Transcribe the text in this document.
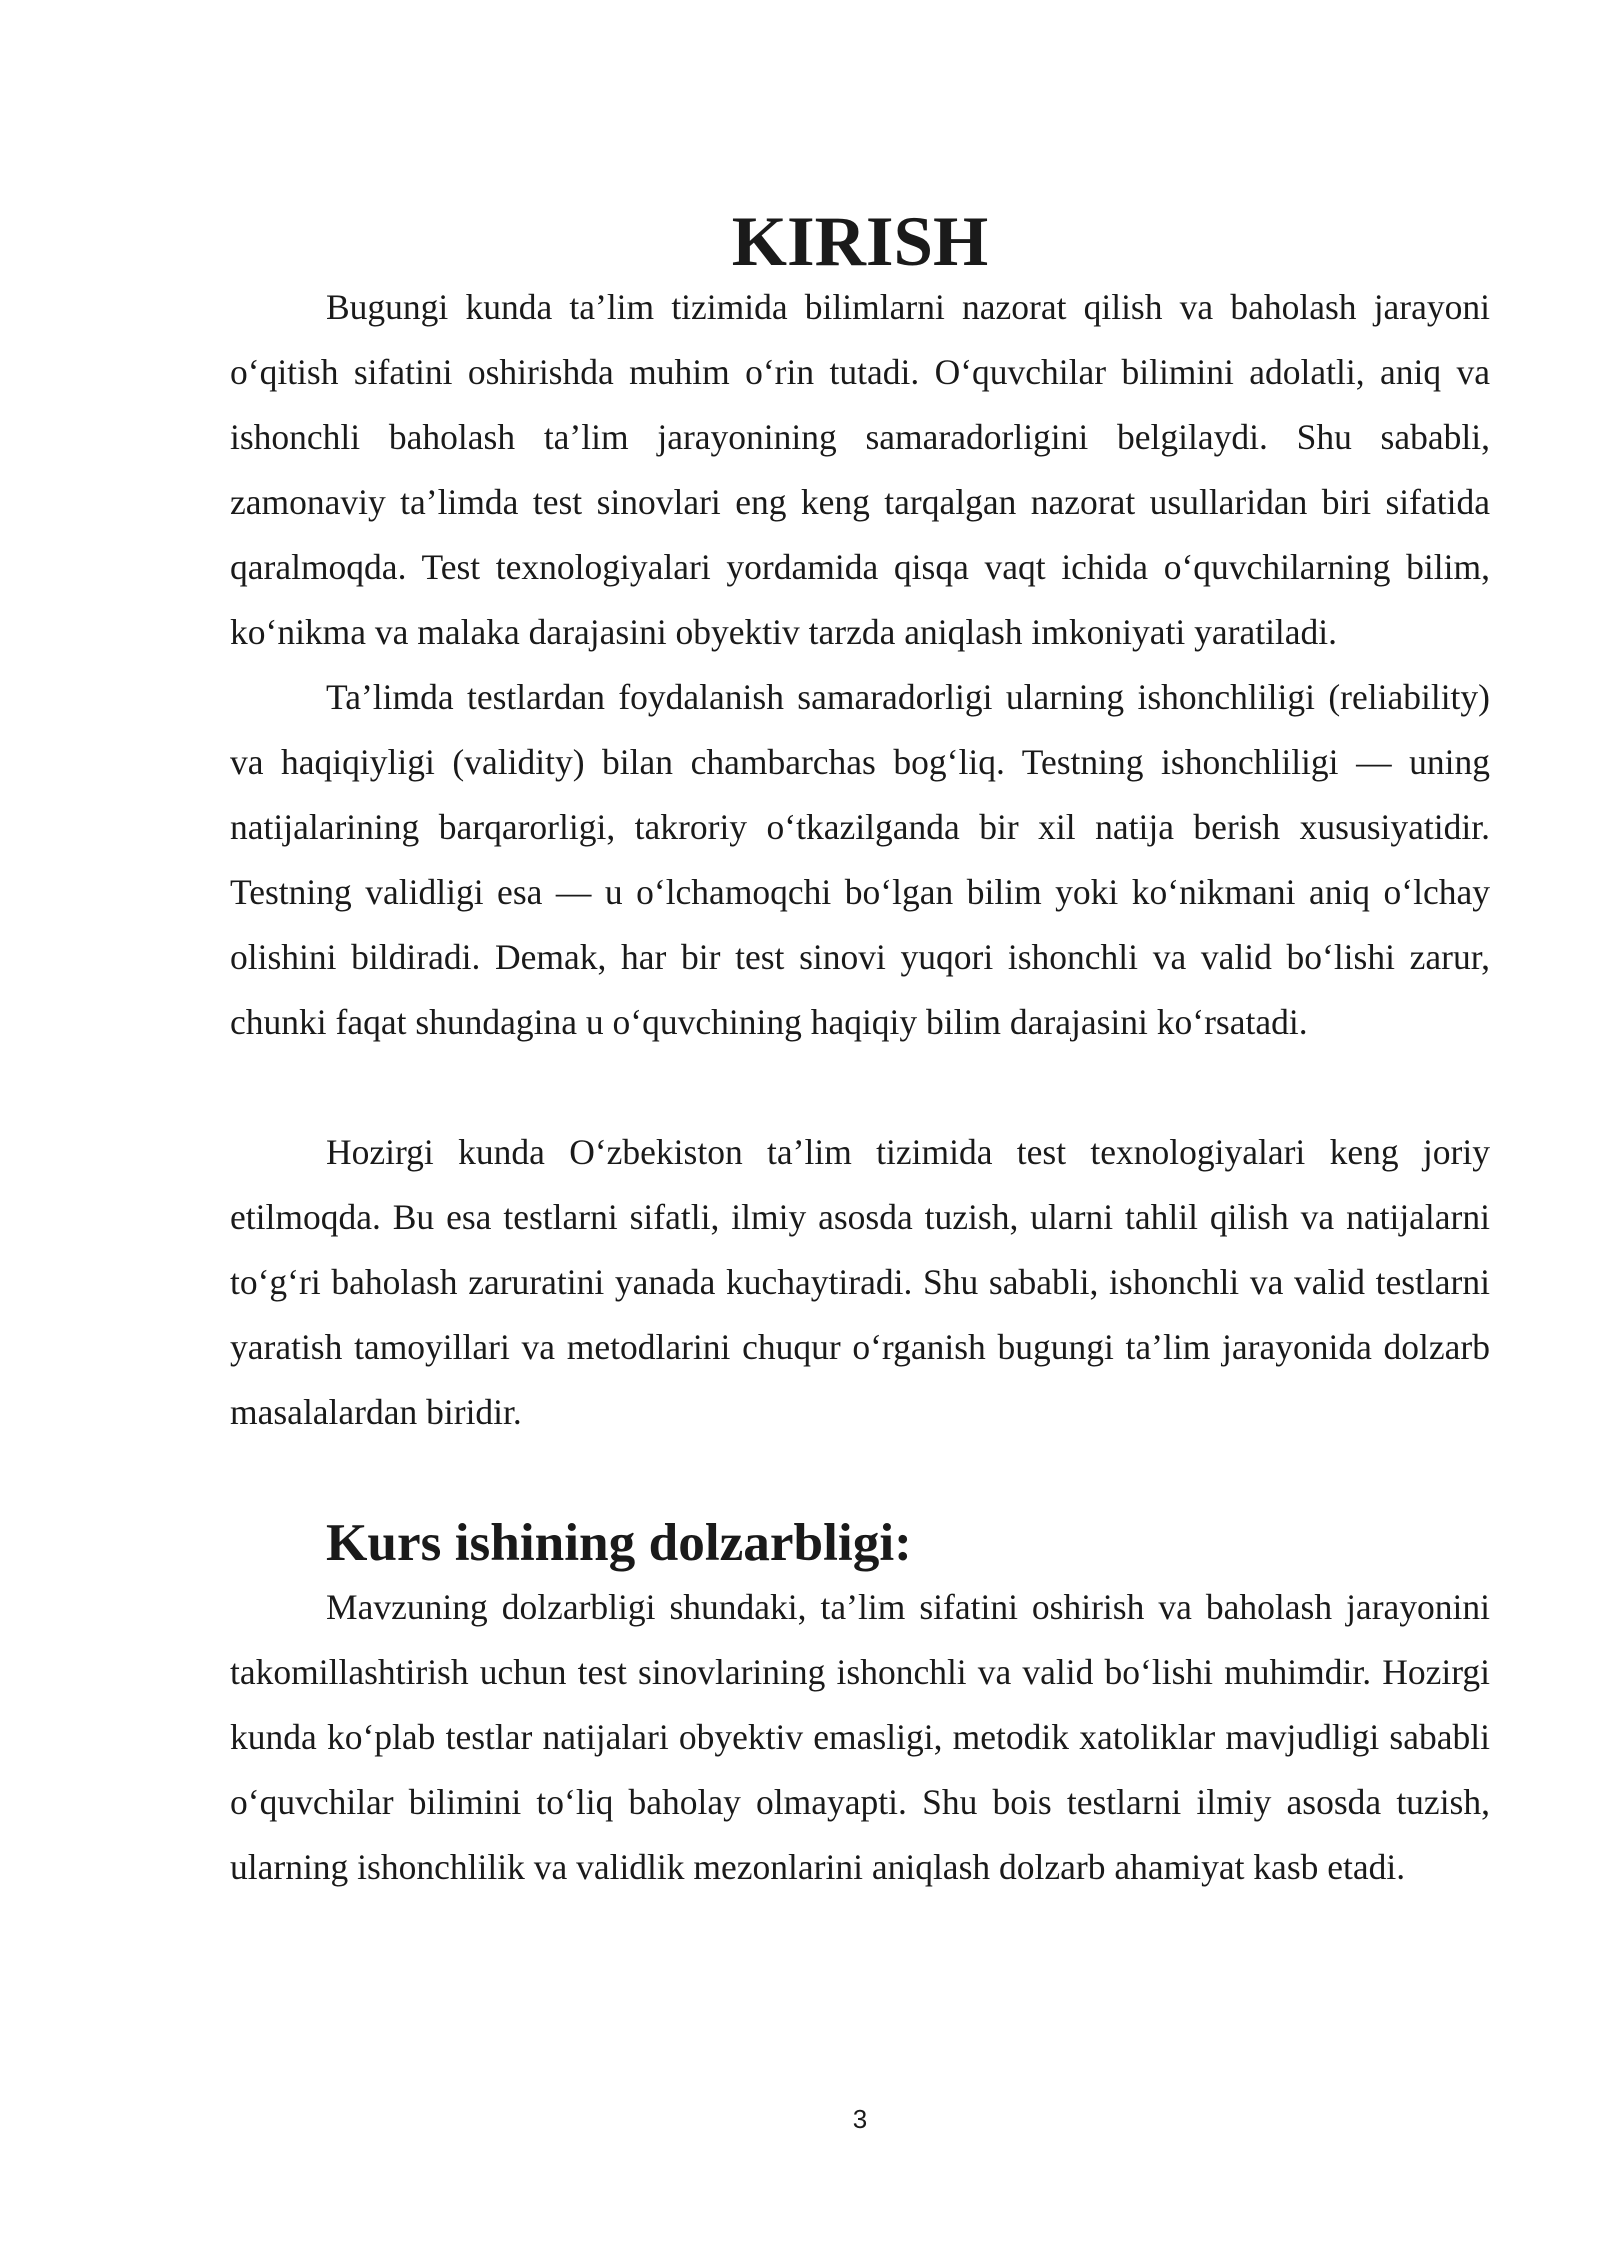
KIRISH

Bugungi kunda ta’lim tizimida bilimlarni nazorat qilish va baholash jarayoni o‘qitish sifatini oshirishda muhim o‘rin tutadi. O‘quvchilar bilimini adolatli, aniq va ishonchli baholash ta’lim jarayonining samaradorligini belgilaydi. Shu sababli, zamonaviy ta’limda test sinovlari eng keng tarqalgan nazorat usullaridan biri sifatida qaralmoqda. Test texnologiyalari yordamida qisqa vaqt ichida o‘quvchilarning bilim, ko‘nikma va malaka darajasini obyektiv tarzda aniqlash imkoniyati yaratiladi.

Ta’limda testlardan foydalanish samaradorligi ularning ishonchliligi (reliability) va haqiqiyligi (validity) bilan chambarchas bog‘liq. Testning ishonchliligi — uning natijalarining barqarorligi, takroriy o‘tkazilganda bir xil natija berish xususiyatidir. Testning validligi esa — u o‘lchamoqchi bo‘lgan bilim yoki ko‘nikmani aniq o‘lchay olishini bildiradi. Demak, har bir test sinovi yuqori ishonchli va valid bo‘lishi zarur, chunki faqat shundagina u o‘quvchining haqiqiy bilim darajasini ko‘rsatadi.

Hozirgi kunda O‘zbekiston ta’lim tizimida test texnologiyalari keng joriy etilmoqda. Bu esa testlarni sifatli, ilmiy asosda tuzish, ularni tahlil qilish va natijalarni to‘g‘ri baholash zaruratini yanada kuchaytiradi. Shu sababli, ishonchli va valid testlarni yaratish tamoyillari va metodlarini chuqur o‘rganish bugungi ta’lim jarayonida dolzarb masalalardan biridir.

Kurs ishining dolzarbligi:

Mavzuning dolzarbligi shundaki, ta’lim sifatini oshirish va baholash jarayonini takomillashtirish uchun test sinovlarining ishonchli va valid bo‘lishi muhimdir. Hozirgi kunda ko‘plab testlar natijalari obyektiv emasligi, metodik xatoliklar mavjudligi sababli o‘quvchilar bilimini to‘liq baholay olmayapti. Shu bois testlarni ilmiy asosda tuzish, ularning ishonchlilik va validlik mezonlarini aniqlash dolzarb ahamiyat kasb etadi.

3
